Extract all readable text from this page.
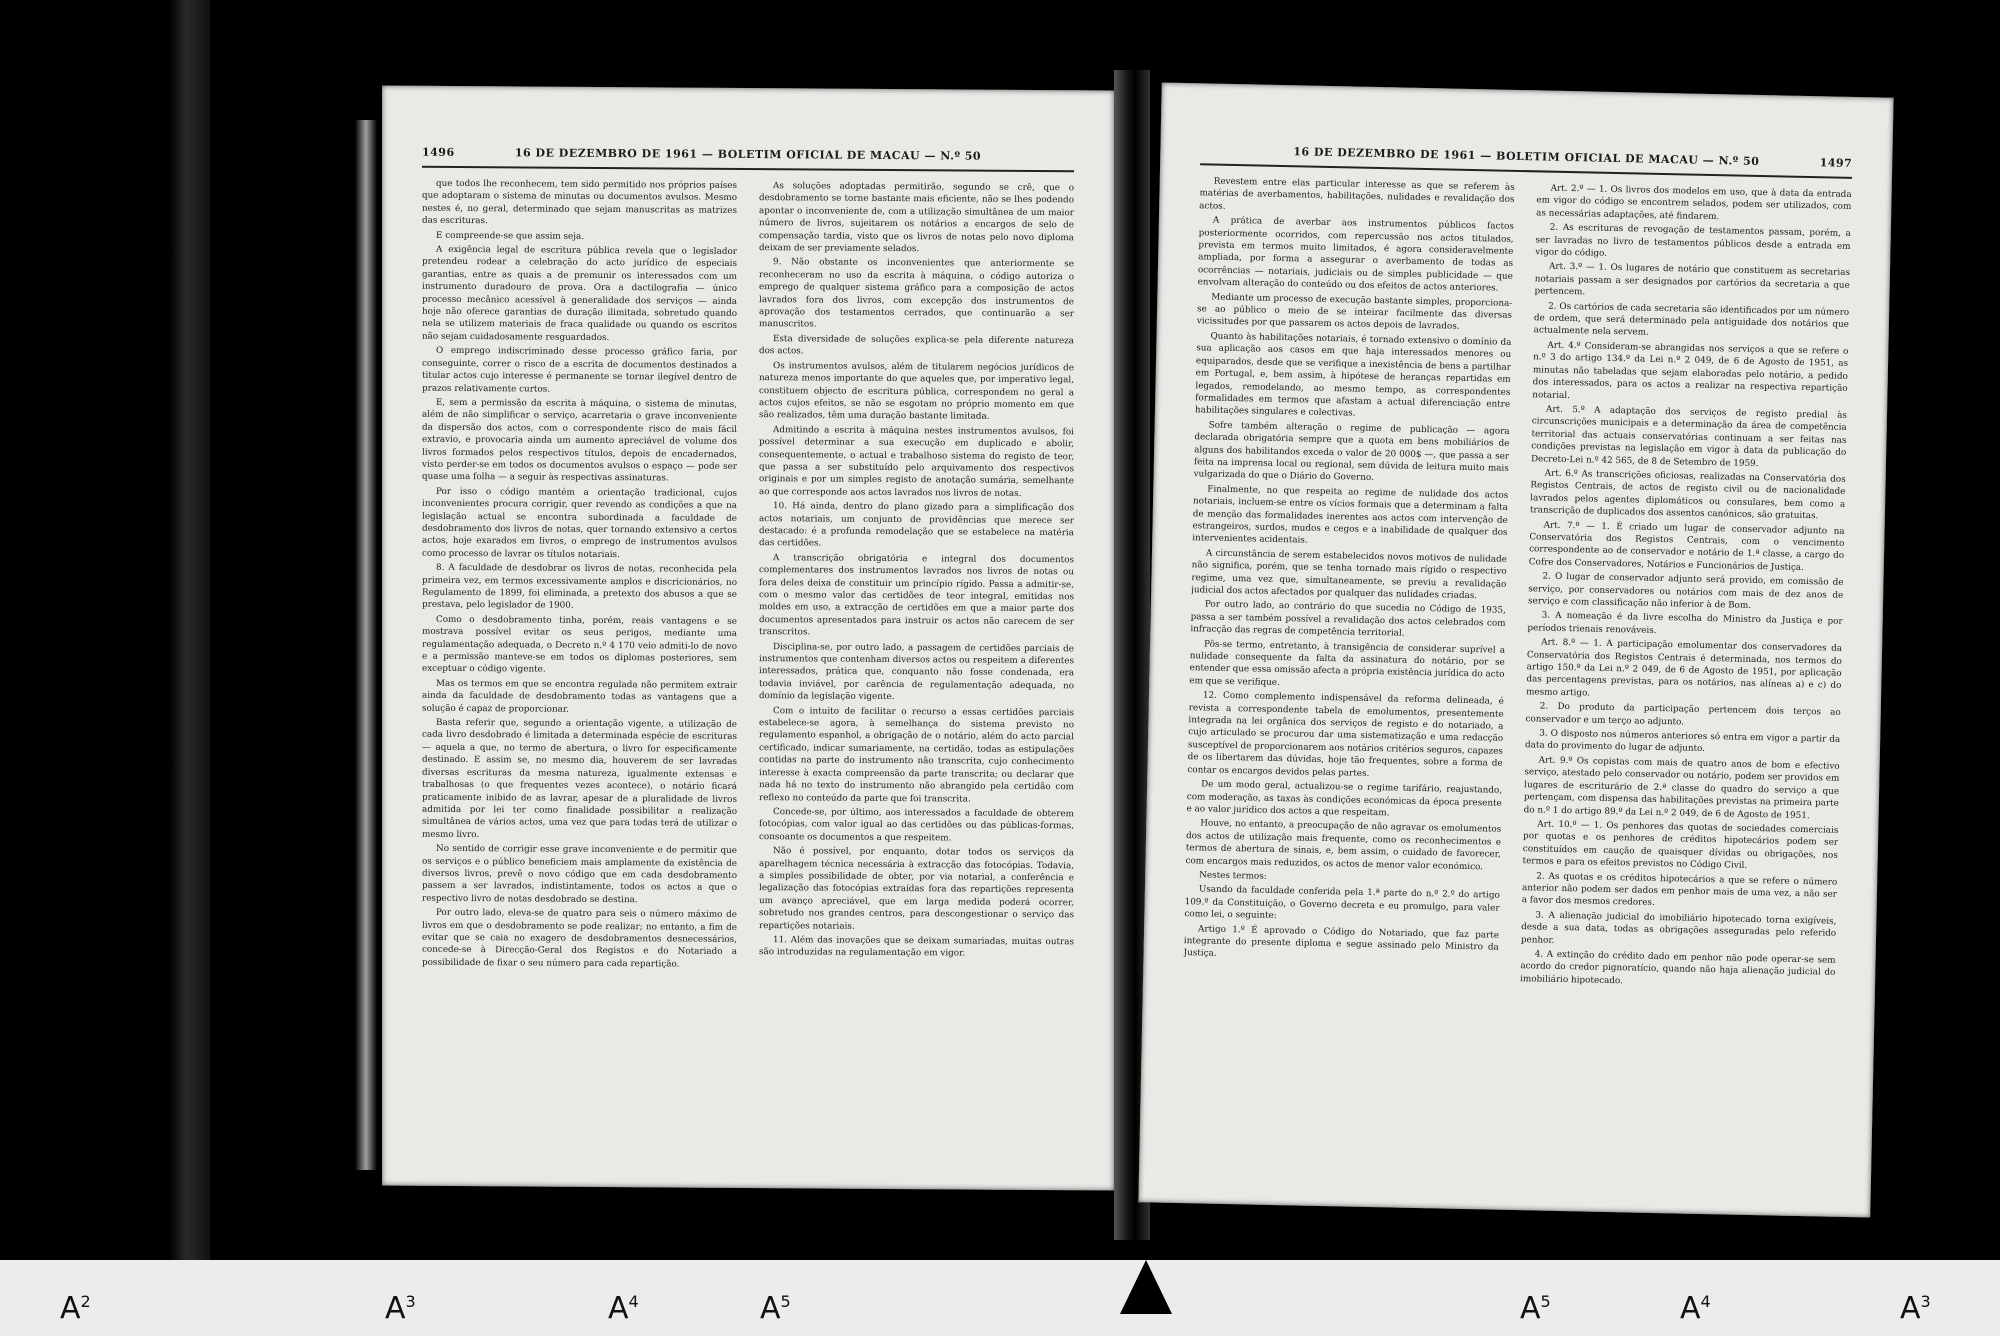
1496	16 DE DEZEMBRO DE 1961 — BOLETIM OFICIAL DE MACAU — N.º 50

que todos lhe reconhecem, tem sido permitido nos próprios países que adoptaram o sistema de minutas ou documentos avulsos. Mesmo nestes é, no geral, determinado que sejam manuscritas as matrizes das escrituras.

E compreende-se que assim seja.

A exigência legal de escritura pública revela que o legislador pretendeu rodear a celebração do acto jurídico de especiais garantias, entre as quais a de premunir os interessados com um instrumento duradouro de prova. Ora a dactilografia — único processo mecânico acessível à generalidade dos serviços — ainda hoje não oferece garantias de duração ilimitada, sobretudo quando nela se utilizem materiais de fraca qualidade ou quando os escritos não sejam cuidadosamente resguardados.

O emprego indiscriminado desse processo gráfico faria, por conseguinte, correr o risco de a escrita de documentos destinados a titular actos cujo interesse é permanente se tornar ilegível dentro de prazos relativamente curtos.

E, sem a permissão da escrita à máquina, o sistema de minutas, além de não simplificar o serviço, acarretaria o grave inconveniente da dispersão dos actos, com o correspondente risco de mais fácil extravio, e provocaria ainda um aumento apreciável de volume dos livros formados pelos respectivos títulos, depois de encadernados, visto perder-se em todos os documentos avulsos o espaço — pode ser quase uma folha — a seguir às respectivas assinaturas.

Por isso o código mantém a orientação tradicional, cujos inconvenientes procura corrigir, quer revendo as condições a que na legislação actual se encontra subordinada a faculdade de desdobramento dos livros de notas, quer tornando extensivo a certos actos, hoje exarados em livros, o emprego de instrumentos avulsos como processo de lavrar os títulos notariais.

8. A faculdade de desdobrar os livros de notas, reconhecida pela primeira vez, em termos excessivamente amplos e discricionários, no Regulamento de 1899, foi eliminada, a pretexto dos abusos a que se prestava, pelo legislador de 1900.

Como o desdobramento tinha, porém, reais vantagens e se mostrava possível evitar os seus perigos, mediante uma regulamentação adequada, o Decreto n.º 4 170 veio admiti-lo de novo e a permissão manteve-se em todos os diplomas posteriores, sem exceptuar o código vigente.

Mas os termos em que se encontra regulada não permitem extrair ainda da faculdade de desdobramento todas as vantagens que a solução é capaz de proporcionar.

Basta referir que, segundo a orientação vigente, a utilização de cada livro desdobrado é limitada a determinada espécie de escrituras — aquela a que, no termo de abertura, o livro for especificamente destinado. E assim se, no mesmo dia, houverem de ser lavradas diversas escrituras da mesma natureza, igualmente extensas e trabalhosas (o que frequentes vezes acontece), o notário ficará praticamente inibido de as lavrar, apesar de a pluralidade de livros admitida por lei ter como finalidade possibilitar a realização simultânea de vários actos, uma vez que para todas terá de utilizar o mesmo livro.

No sentido de corrigir esse grave inconveniente e de permitir que os serviços e o público beneficiem mais amplamente da existência de diversos livros, prevê o novo código que em cada desdobramento passem a ser lavrados, indistintamente, todos os actos a que o respectivo livro de notas desdobrado se destina.

Por outro lado, eleva-se de quatro para seis o número máximo de livros em que o desdobramento se pode realizar; no entanto, a fim de evitar que se caia no exagero de desdobramentos desnecessários, concede-se à Direcção-Geral dos Registos e do Notariado a possibilidade de fixar o seu número para cada repartição.

As soluções adoptadas permitirão, segundo se crê, que o desdobramento se torne bastante mais eficiente, não se lhes podendo apontar o inconveniente de, com a utilização simultânea de um maior número de livros, sujeitarem os notários a encargos de selo de compensação tardia, visto que os livros de notas pelo novo diploma deixam de ser previamente selados.

9. Não obstante os inconvenientes que anteriormente se reconheceram no uso da escrita à máquina, o código autoriza o emprego de qualquer sistema gráfico para a composição de actos lavrados fora dos livros, com excepção dos instrumentos de aprovação dos testamentos cerrados, que continuarão a ser manuscritos.

Esta diversidade de soluções explica-se pela diferente natureza dos actos.

Os instrumentos avulsos, além de titularem negócios jurídicos de natureza menos importante do que aqueles que, por imperativo legal, constituem objecto de escritura pública, correspondem no geral a actos cujos efeitos, se não se esgotam no próprio momento em que são realizados, têm uma duração bastante limitada.

Admitindo a escrita à máquina nestes instrumentos avulsos, foi possível determinar a sua execução em duplicado e abolir, consequentemente, o actual e trabalhoso sistema do registo de teor, que passa a ser substituído pelo arquivamento dos respectivos originais e por um simples registo de anotação sumária, semelhante ao que corresponde aos actos lavrados nos livros de notas.

10. Há ainda, dentro do plano gizado para a simplificação dos actos notariais, um conjunto de providências que merece ser destacado: é a profunda remodelação que se estabelece na matéria das certidões.

A transcrição obrigatória e integral dos documentos complementares dos instrumentos lavrados nos livros de notas ou fora deles deixa de constituir um princípio rígido. Passa a admitir-se, com o mesmo valor das certidões de teor integral, emitidas nos moldes em uso, a extracção de certidões em que a maior parte dos documentos apresentados para instruir os actos não carecem de ser transcritos.

Disciplina-se, por outro lado, a passagem de certidões parciais de instrumentos que contenham diversos actos ou respeitem a diferentes interessados, prática que, conquanto não fosse condenada, era todavia inviável, por carência de regulamentação adequada, no domínio da legislação vigente.

Com o intuito de facilitar o recurso a essas certidões parciais estabelece-se agora, à semelhança do sistema previsto no regulamento espanhol, a obrigação de o notário, além do acto parcial certificado, indicar sumariamente, na certidão, todas as estipulações contidas na parte do instrumento não transcrita, cujo conhecimento interesse à exacta compreensão da parte transcrita; ou declarar que nada há no texto do instrumento não abrangido pela certidão com reflexo no conteúdo da parte que foi transcrita.

Concede-se, por último, aos interessados a faculdade de obterem fotocópias, com valor igual ao das certidões ou das públicas-formas, consoante os documentos a que respeitem.

Não é possível, por enquanto, dotar todos os serviços da aparelhagem técnica necessária à extracção das fotocópias. Todavia, a simples possibilidade de obter, por via notarial, a conferência e legalização das fotocópias extraídas fora das repartições representa um avanço apreciável, que em larga medida poderá ocorrer, sobretudo nos grandes centros, para descongestionar o serviço das repartições notariais.

11. Além das inovações que se deixam sumariadas, muitas outras são introduzidas na regulamentação em vigor.

16 DE DEZEMBRO DE 1961 — BOLETIM OFICIAL DE MACAU — N.º 50	1497

Revestem entre elas particular interesse as que se referem às matérias de averbamentos, habilitações, nulidades e revalidação dos actos.

A prática de averbar aos instrumentos públicos factos posteriormente ocorridos, com repercussão nos actos titulados, prevista em termos muito limitados, é agora consideravelmente ampliada, por forma a assegurar o averbamento de todas as ocorrências — notariais, judiciais ou de simples publicidade — que envolvam alteração do conteúdo ou dos efeitos de actos anteriores.

Mediante um processo de execução bastante simples, proporciona-se ao público o meio de se inteirar facilmente das diversas vicissitudes por que passarem os actos depois de lavrados.

Quanto às habilitações notariais, é tornado extensivo o domínio da sua aplicação aos casos em que haja interessados menores ou equiparados, desde que se verifique a inexistência de bens a partilhar em Portugal, e, bem assim, à hipótese de heranças repartidas em legados, remodelando, ao mesmo tempo, as correspondentes formalidades em termos que afastam a actual diferenciação entre habilitações singulares e colectivas.

Sofre também alteração o regime de publicação — agora declarada obrigatória sempre que a quota em bens mobiliários de alguns dos habilitandos exceda o valor de 20 000$ —, que passa a ser feita na imprensa local ou regional, sem dúvida de leitura muito mais vulgarizada do que o Diário do Governo.

Finalmente, no que respeita ao regime de nulidade dos actos notariais, incluem-se entre os vícios formais que a determinam a falta de menção das formalidades inerentes aos actos com intervenção de estrangeiros, surdos, mudos e cegos e a inabilidade de qualquer dos intervenientes acidentais.

A circunstância de serem estabelecidos novos motivos de nulidade não significa, porém, que se tenha tornado mais rígido o respectivo regime, uma vez que, simultaneamente, se previu a revalidação judicial dos actos afectados por qualquer das nulidades criadas.

Por outro lado, ao contrário do que sucedia no Código de 1935, passa a ser também possível a revalidação dos actos celebrados com infracção das regras de competência territorial.

Pôs-se termo, entretanto, à transigência de considerar suprível a nulidade consequente da falta da assinatura do notário, por se entender que essa omissão afecta a própria existência jurídica do acto em que se verifique.

12. Como complemento indispensável da reforma delineada, é revista a correspondente tabela de emolumentos, presentemente integrada na lei orgânica dos serviços de registo e do notariado, a cujo articulado se procurou dar uma sistematização e uma redacção susceptível de proporcionarem aos notários critérios seguros, capazes de os libertarem das dúvidas, hoje tão frequentes, sobre a forma de contar os encargos devidos pelas partes.

De um modo geral, actualizou-se o regime tarifário, reajustando, com moderação, as taxas às condições económicas da época presente e ao valor jurídico dos actos a que respeitam.

Houve, no entanto, a preocupação de não agravar os emolumentos dos actos de utilização mais frequente, como os reconhecimentos e termos de abertura de sinais, e, bem assim, o cuidado de favorecer, com encargos mais reduzidos, os actos de menor valor económico.

Nestes termos:

Usando da faculdade conferida pela 1.ª parte do n.º 2.º do artigo 109.º da Constituição, o Governo decreta e eu promulgo, para valer como lei, o seguinte:

Artigo 1.º É aprovado o Código do Notariado, que faz parte integrante do presente diploma e segue assinado pelo Ministro da Justiça.

Art. 2.º — 1. Os livros dos modelos em uso, que à data da entrada em vigor do código se encontrem selados, podem ser utilizados, com as necessárias adaptações, até findarem.

2. As escrituras de revogação de testamentos passam, porém, a ser lavradas no livro de testamentos públicos desde a entrada em vigor do código.

Art. 3.º — 1. Os lugares de notário que constituem as secretarias notariais passam a ser designados por cartórios da secretaria a que pertencem.

2. Os cartórios de cada secretaria são identificados por um número de ordem, que será determinado pela antiguidade dos notários que actualmente nela servem.

Art. 4.º Consideram-se abrangidas nos serviços a que se refere o n.º 3 do artigo 134.º da Lei n.º 2 049, de 6 de Agosto de 1951, as minutas não tabeladas que sejam elaboradas pelo notário, a pedido dos interessados, para os actos a realizar na respectiva repartição notarial.

Art. 5.º A adaptação dos serviços de registo predial às circunscrições municipais e a determinação da área de competência territorial das actuais conservatórias continuam a ser feitas nas condições previstas na legislação em vigor à data da publicação do Decreto-Lei n.º 42 565, de 8 de Setembro de 1959.

Art. 6.º As transcrições oficiosas, realizadas na Conservatória dos Registos Centrais, de actos de registo civil ou de nacionalidade lavrados pelos agentes diplomáticos ou consulares, bem como a transcrição de duplicados dos assentos canónicos, são gratuitas.

Art. 7.º — 1. É criado um lugar de conservador adjunto na Conservatória dos Registos Centrais, com o vencimento correspondente ao de conservador e notário de 1.ª classe, a cargo do Cofre dos Conservadores, Notários e Funcionários de Justiça.

2. O lugar de conservador adjunto será provido, em comissão de serviço, por conservadores ou notários com mais de dez anos de serviço e com classificação não inferior à de Bom.

3. A nomeação é da livre escolha do Ministro da Justiça e por períodos trienais renováveis.

Art. 8.º — 1. A participação emolumentar dos conservadores da Conservatória dos Registos Centrais é determinada, nos termos do artigo 150.º da Lei n.º 2 049, de 6 de Agosto de 1951, por aplicação das percentagens previstas, para os notários, nas alíneas a) e c) do mesmo artigo.

2. Do produto da participação pertencem dois terços ao conservador e um terço ao adjunto.

3. O disposto nos números anteriores só entra em vigor a partir da data do provimento do lugar de adjunto.

Art. 9.º Os copistas com mais de quatro anos de bom e efectivo serviço, atestado pelo conservador ou notário, podem ser providos em lugares de escriturário de 2.ª classe do quadro do serviço a que pertençam, com dispensa das habilitações previstas na primeira parte do n.º 1 do artigo 89.º da Lei n.º 2 049, de 6 de Agosto de 1951.

Art. 10.º — 1. Os penhores das quotas de sociedades comerciais por quotas e os penhores de créditos hipotecários podem ser constituídos em caução de quaisquer dívidas ou obrigações, nos termos e para os efeitos previstos no Código Civil.

2. As quotas e os créditos hipotecários a que se refere o número anterior não podem ser dados em penhor mais de uma vez, a não ser a favor dos mesmos credores.

3. A alienação judicial do imobiliário hipotecado torna exigíveis, desde a sua data, todas as obrigações asseguradas pelo referido penhor.

4. A extinção do crédito dado em penhor não pode operar-se sem acordo do credor pignoratício, quando não haja alienação judicial do imobiliário hipotecado.

$A^2$	$A^3$	$A^4$	$A^5$	$A^5$	$A^4$	$A^3$
